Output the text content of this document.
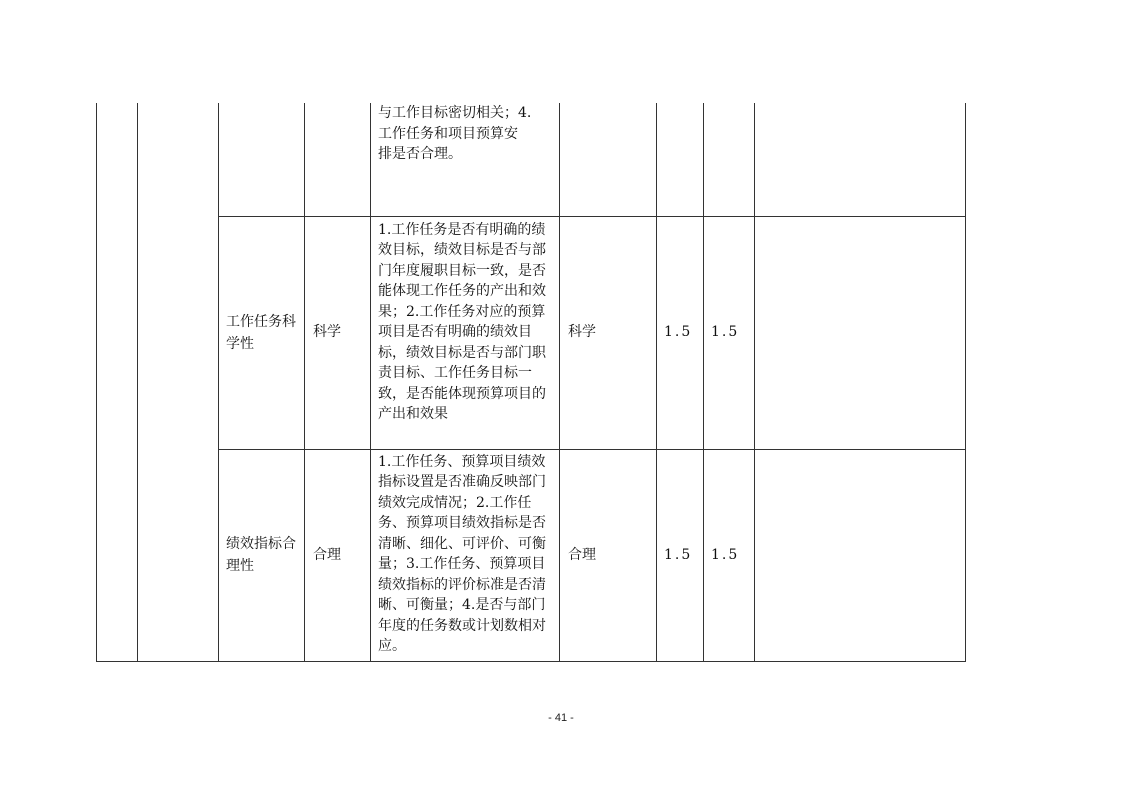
				与工作目标密切相关；4.
工作任务和项目预算安
排是否合理。				
		工作任务科学性	科学	1.工作任务是否有明确的绩效目标，绩效目标是否与部门年度履职目标一致，是否能体现工作任务的产出和效果；2.工作任务对应的预算项目是否有明确的绩效目标，绩效目标是否与部门职责目标、工作任务目标一致，是否能体现预算项目的产出和效果	科学	1.5	1.5	
		绩效指标合理性	合理	1.工作任务、预算项目绩效指标设置是否准确反映部门绩效完成情况；2.工作任务、预算项目绩效指标是否清晰、细化、可评价、可衡量；3.工作任务、预算项目绩效指标的评价标准是否清晰、可衡量；4.是否与部门年度的任务数或计划数相对应。	合理	1.5	1.5	
- 41 -
